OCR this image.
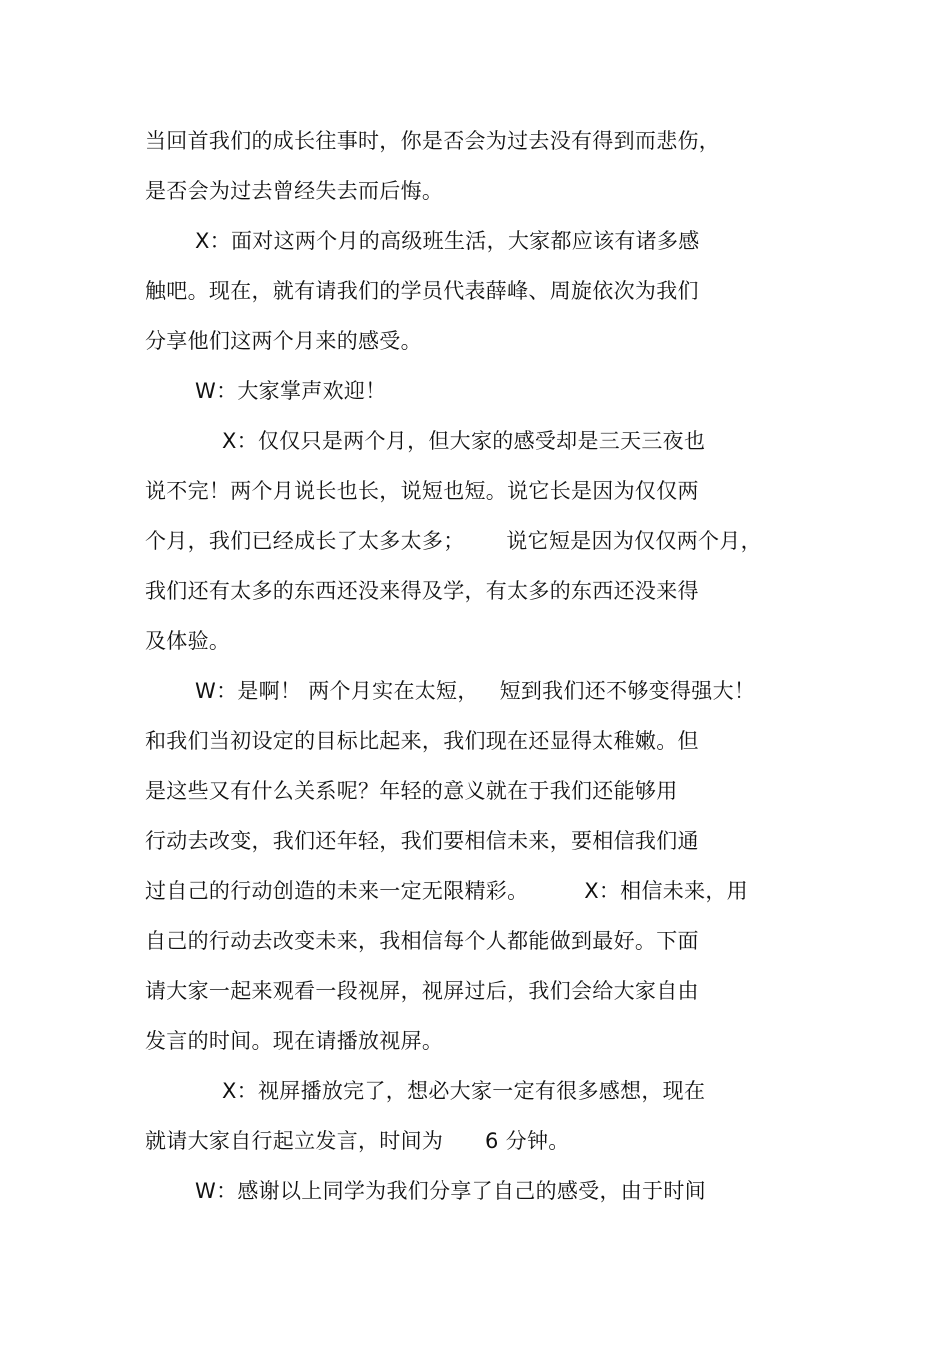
当回首我们的成长往事时，你是否会为过去没有得到而悲伤，
是否会为过去曾经失去而后悔。
X：面对这两个月的高级班生活，大家都应该有诸多感
触吧。现在，就有请我们的学员代表薛峰、周旋依次为我们
分享他们这两个月来的感受。
W：大家掌声欢迎！
X：仅仅只是两个月，但大家的感受却是三天三夜也
说不完！两个月说长也长，说短也短。说它长是因为仅仅两
个月，我们已经成长了太多太多；      说它短是因为仅仅两个月，
我们还有太多的东西还没来得及学，有太多的东西还没来得
及体验。
W：是啊！ 两个月实在太短，   短到我们还不够变得强大！
和我们当初设定的目标比起来，我们现在还显得太稚嫩。但
是这些又有什么关系呢？年轻的意义就在于我们还能够用
行动去改变，我们还年轻，我们要相信未来，要相信我们通
过自己的行动创造的未来一定无限精彩。        X：相信未来，用
自己的行动去改变未来，我相信每个人都能做到最好。下面
请大家一起来观看一段视屏，视屏过后，我们会给大家自由
发言的时间。现在请播放视屏。
X：视屏播放完了，想必大家一定有很多感想，现在
就请大家自行起立发言，时间为      6 分钟。
W：感谢以上同学为我们分享了自己的感受，由于时间
